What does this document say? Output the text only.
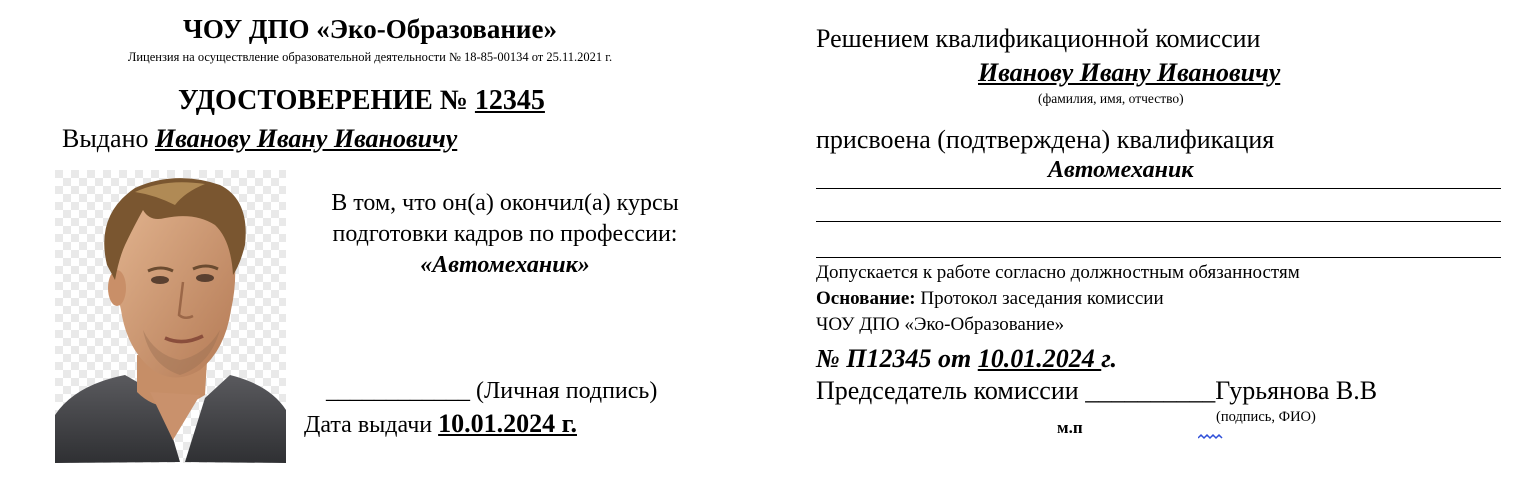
ЧОУ ДПО «Эко-Образование»
Лицензия на осуществление образовательной деятельности № 18-85-00134 от 25.11.2021 г.
УДОСТОВЕРЕНИЕ № 12345
Выдано Иванову Ивану Ивановичу
В том, что он(а) окончил(а) курсы
подготовки кадров по профессии:
«Автомеханик»
____________ (Личная подпись)
Дата выдачи 10.01.2024 г.
Решением квалификационной комиссии
Иванову Ивану Ивановичу
(фамилия, имя, отчество)
присвоена (подтверждена) квалификация
Автомеханик
Допускается к работе согласно должностным обязанностям
Основание: Протокол заседания комиссии
ЧОУ ДПО «Эко-Образование»
№ П12345 от 10.01.2024 г.
Председатель комиссии __________Гурьянова В.В
м.п
(подпись, ФИО)
